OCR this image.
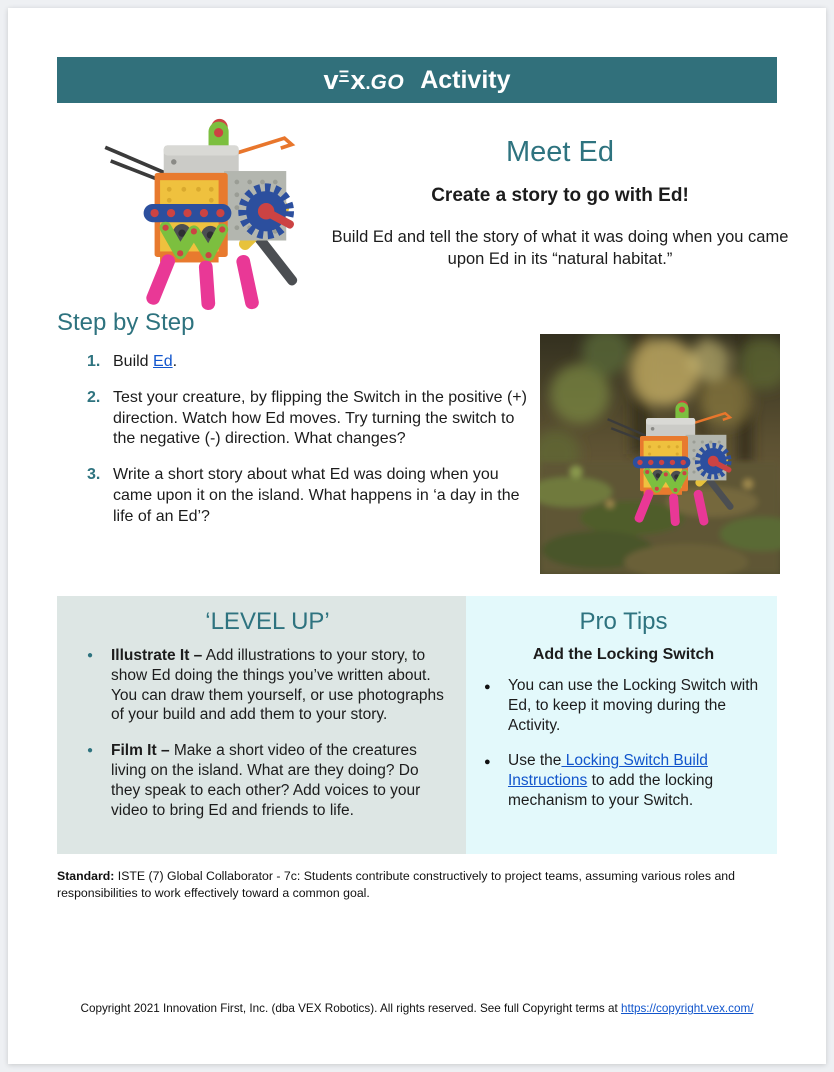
v Ξ x . GO Activity
Meet Ed
Create a story to go with Ed!

Build Ed and tell the story of what it was doing when you came upon Ed in its “natural habitat.”

Step by Step
1. Build Ed.
2. Test your creature, by flipping the Switch in the positive (+) direction. Watch how Ed moves. Try turning the switch to the negative (-) direction. What changes?
3. Write a short story about what Ed was doing when you came upon it on the island. What happens in ‘a day in the life of an Ed’?
‘LEVEL UP’
●	Illustrate It – Add illustrations to your story, to show Ed doing the things you’ve written about. You can draw them yourself, or use photographs of your build and add them to your story.
●	Film It – Make a short video of the creatures living on the island. What are they doing? Do they speak to each other? Add voices to your video to bring Ed and friends to life.
Pro Tips
Add the Locking Switch
●	You can use the Locking Switch with Ed, to keep it moving during the Activity.
●	Use the Locking Switch Build Instructions to add the locking mechanism to your Switch.

Standard: ISTE (7) Global Collaborator - 7c: Students contribute constructively to project teams, assuming various roles and responsibilities to work effectively toward a common goal.

Copyright 2021 Innovation First, Inc. (dba VEX Robotics). All rights reserved. See full Copyright terms at https://copyright.vex.com/
